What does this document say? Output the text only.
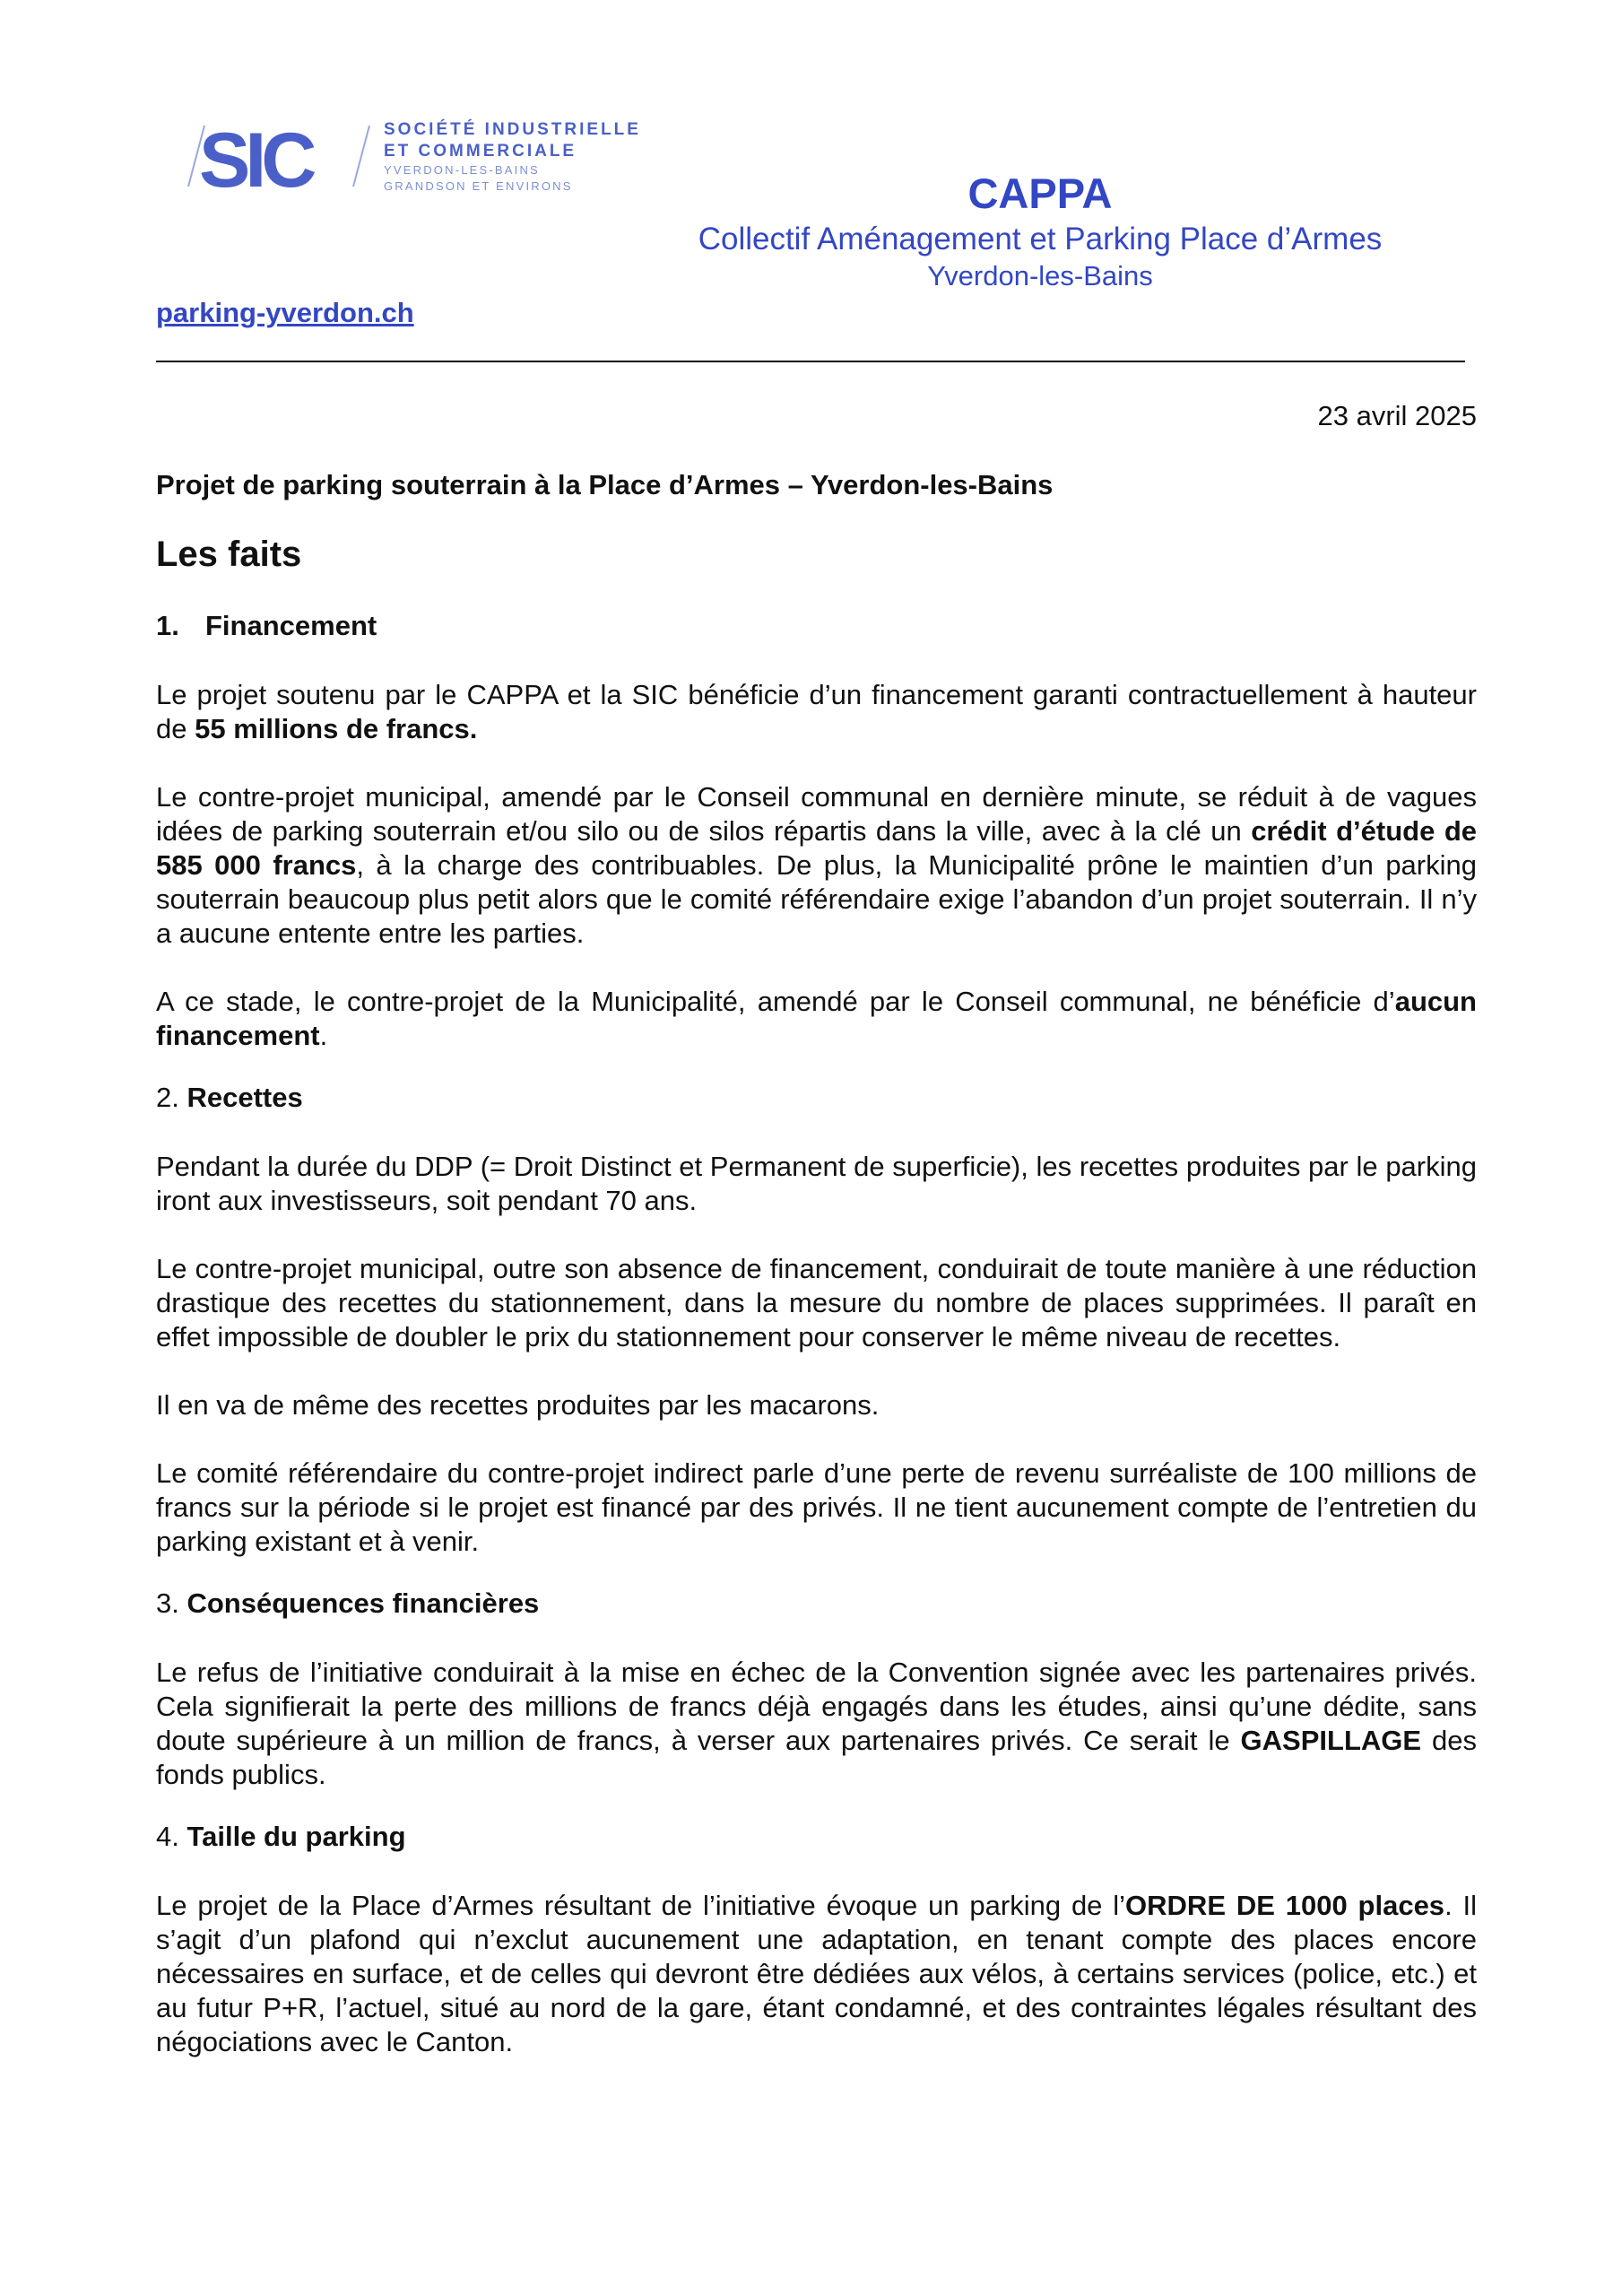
SIC	SOCIÉTÉ INDUSTRIELLE
ET COMMERCIALE
YVERDON-LES-BAINS
GRANDSON ET ENVIRONS	CAPPA
Collectif Aménagement et Parking Place d’Armes
Yverdon-les-Bains
parking-yverdon.ch
23 avril 2025

Projet de parking souterrain à la Place d’Armes – Yverdon-les-Bains

Les faits
1. Financement

Le projet soutenu par le CAPPA et la SIC bénéficie d’un financement garanti contractuellement à hauteur de 55 millions de francs.

Le contre-projet municipal, amendé par le Conseil communal en dernière minute, se réduit à de vagues idées de parking souterrain et/ou silo ou de silos répartis dans la ville, avec à la clé un crédit d’étude de 585 000 francs, à la charge des contribuables. De plus, la Municipalité prône le maintien d’un parking souterrain beaucoup plus petit alors que le comité référendaire exige l’abandon d’un projet souterrain. Il n’y a aucune entente entre les parties.

A ce stade, le contre-projet de la Municipalité, amendé par le Conseil communal, ne bénéficie d’aucun financement.

2. Recettes

Pendant la durée du DDP (= Droit Distinct et Permanent de superficie), les recettes produites par le parking iront aux investisseurs, soit pendant 70 ans.

Le contre-projet municipal, outre son absence de financement, conduirait de toute manière à une réduction drastique des recettes du stationnement, dans la mesure du nombre de places supprimées. Il paraît en effet impossible de doubler le prix du stationnement pour conserver le même niveau de recettes.

Il en va de même des recettes produites par les macarons.

Le comité référendaire du contre-projet indirect parle d’une perte de revenu surréaliste de 100 millions de francs sur la période si le projet est financé par des privés. Il ne tient aucunement compte de l’entretien du parking existant et à venir.

3. Conséquences financières

Le refus de l’initiative conduirait à la mise en échec de la Convention signée avec les partenaires privés. Cela signifierait la perte des millions de francs déjà engagés dans les études, ainsi qu’une dédite, sans doute supérieure à un million de francs, à verser aux partenaires privés. Ce serait le GASPILLAGE des fonds publics.

4. Taille du parking

Le projet de la Place d’Armes résultant de l’initiative évoque un parking de l’ORDRE DE 1000 places. Il s’agit d’un plafond qui n’exclut aucunement une adaptation, en tenant compte des places encore nécessaires en surface, et de celles qui devront être dédiées aux vélos, à certains services (police, etc.) et au futur P+R, l’actuel, situé au nord de la gare, étant condamné, et des contraintes légales résultant des négociations avec le Canton.
